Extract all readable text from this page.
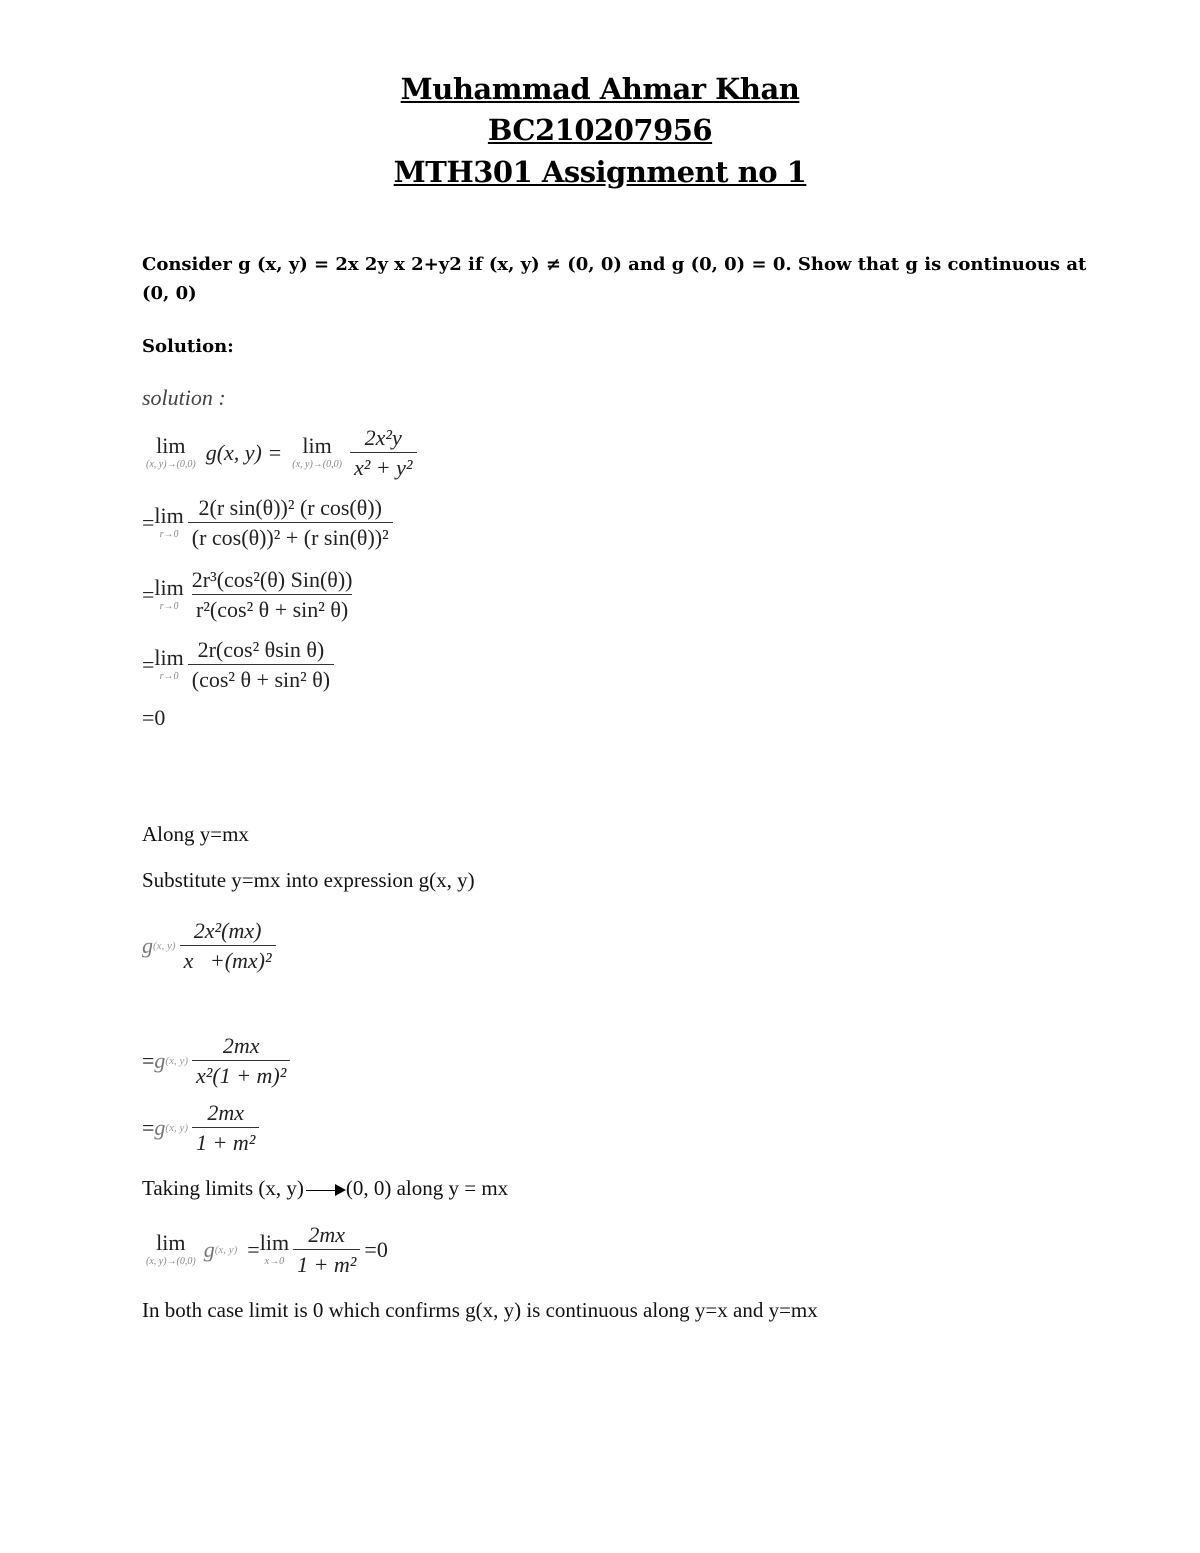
Muhammad Ahmar Khan
BC210207956
MTH301 Assignment no 1
Consider g (x, y) = 2x 2y x 2+y2 if (x, y) ≠ (0, 0) and g (0, 0) = 0. Show that g is continuous at
(0, 0)
Solution:
solution :
lim
(x, y)→(0,0) g(x, y) = lim
(x, $y)\to(0,0) \frac{\text{2x²y}}{\text{x² + y²}}$
= lim
$r\to 0 \frac{\text{2(r sin(θ))² (r cos(θ))}}{\text{(r cos(θ))² + (r sin(θ))²}}$
= lim
$r\to 0 \frac{\text{2r³(cos²(θ) Sin(θ))}}{\text{r²(cos² θ + sin² θ)}}$
= lim
$r\to 0 \frac{\text{2r(cos² θsin θ)}}{\text{(cos² θ + sin² θ)}}$
=0
Along y=mx
Substitute y=mx into expression g(x, y)
g (x, $y) \frac{\text{2x²(mx)}}{\text{x   +(mx)²}}$
= g (x, $y) \frac{2mx}{\text{x²(1 + m)²}}$
= g (x, $y) \frac{2mx}{\text{1 + m²}}$
Taking limits (x, y) (0, 0) along y = mx
lim
(x, y)→(0,0) g (x, y) = lim
$x\to 0 \frac{2mx}{\text{1 + m²}} =0$
In both case limit is 0 which confirms g(x, y) is continuous along y=x and y=mx
